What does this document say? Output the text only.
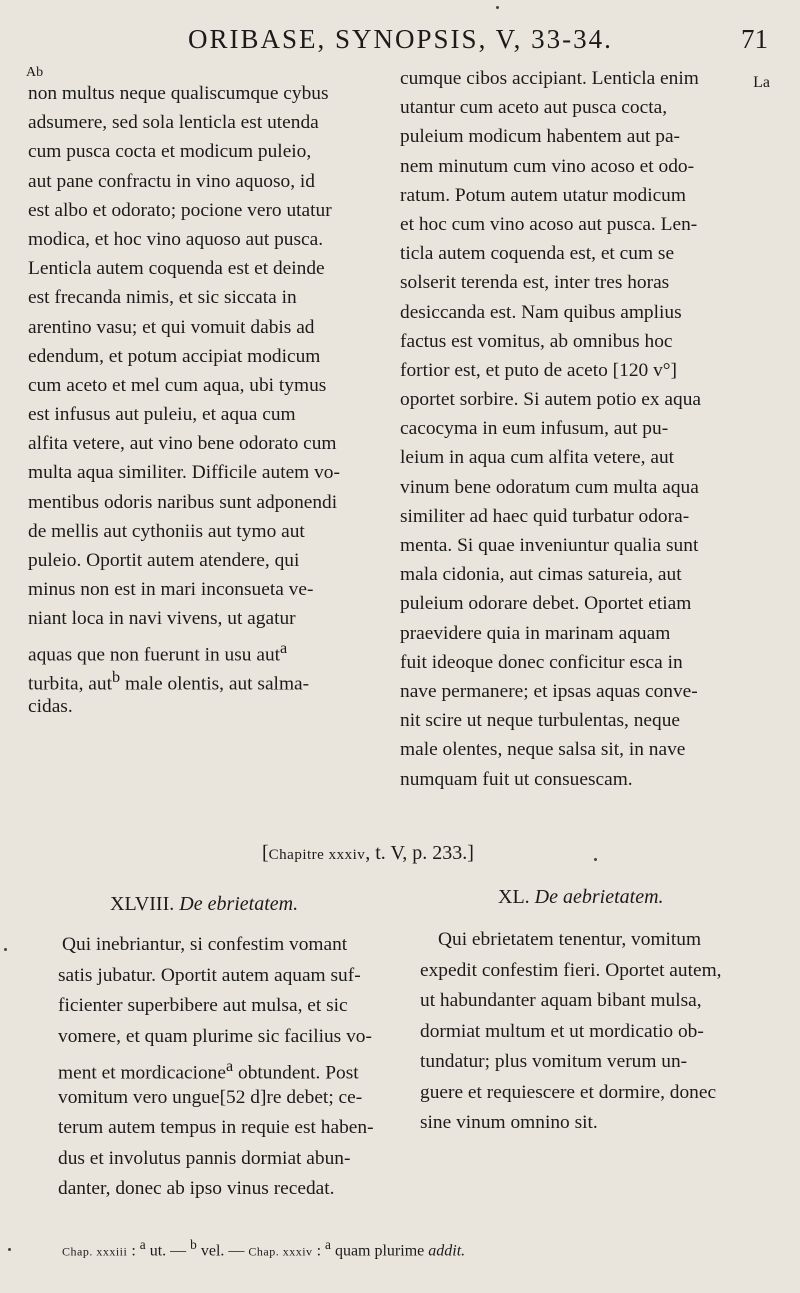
ORIBASE, SYNOPSIS, V, 33-34.	71
La
Ab
non multus neque qualiscumque cybus
adsumere, sed sola lenticla est utenda
cum pusca cocta et modicum puleio,
aut pane confractu in vino aquoso, id
est albo et odorato; pocione vero utatur
modica, et hoc vino aquoso aut pusca.
Lenticla autem coquenda est et deinde
est frecanda nimis, et sic siccata in
arentino vasu; et qui vomuit dabis ad
edendum, et potum accipiat modicum
cum aceto et mel cum aqua, ubi tymus
est infusus aut puleiu, et aqua cum
alfita vetere, aut vino bene odorato cum
multa aqua similiter. Difficile autem vo-
mentibus odoris naribus sunt adponendi
de mellis aut cythoniis aut tymo aut
puleio. Oportit autem atendere, qui
minus non est in mari inconsueta ve-
niant loca in navi vivens, ut agatur
aquas que non fuerunt in usu aut$^a$
turbita, aut$^b$ male olentis, aut salma-
cidas.
cumque cibos accipiant. Lenticla enim
utantur cum aceto aut pusca cocta,
puleium modicum habentem aut pa-
nem minutum cum vino acoso et odo-
ratum. Potum autem utatur modicum
et hoc cum vino acoso aut pusca. Len-
ticla autem coquenda est, et cum se
solserit terenda est, inter tres horas
desiccanda est. Nam quibus amplius
factus est vomitus, ab omnibus hoc
fortior est, et puto de aceto [120 v°]
oportet sorbire. Si autem potio ex aqua
cacocyma in eum infusum, aut pu-
leium in aqua cum alfita vetere, aut
vinum bene odoratum cum multa aqua
similiter ad haec quid turbatur odora-
menta. Si quae inveniuntur qualia sunt
mala cidonia, aut cimas satureia, aut
puleium odorare debet. Oportet etiam
praevidere quia in marinam aquam
fuit ideoque donec conficitur esca in
nave permanere; et ipsas aquas conve-
nit scire ut neque turbulentas, neque
male olentes, neque salsa sit, in nave
numquam fuit ut consuescam.
[Chapitre xxxiv, t. V, p. 233.]
XLVIII. De ebrietatem.	XL. De aebrietatem.
Qui inebriantur, si confestim vomant
satis jubatur. Oportit autem aquam suf-
ficienter superbibere aut mulsa, et sic
vomere, et quam plurime sic facilius vo-
ment et mordicacione$^a$ obtundent. Post
vomitum vero ungue[52 d]re debet; ce-
terum autem tempus in requie est haben-
dus et involutus pannis dormiat abun-
danter, donec ab ipso vinus recedat.
Qui ebrietatem tenentur, vomitum
expedit confestim fieri. Oportet autem,
ut habundanter aquam bibant mulsa,
dormiat multum et ut mordicatio ob-
tundatur; plus vomitum verum un-
guere et requiescere et dormire, donec
sine vinum omnino sit.
Chap. xxxiii : $^a$ ut. — $^b$ vel. — Chap. xxxiv : $^a$ quam plurime addit.
